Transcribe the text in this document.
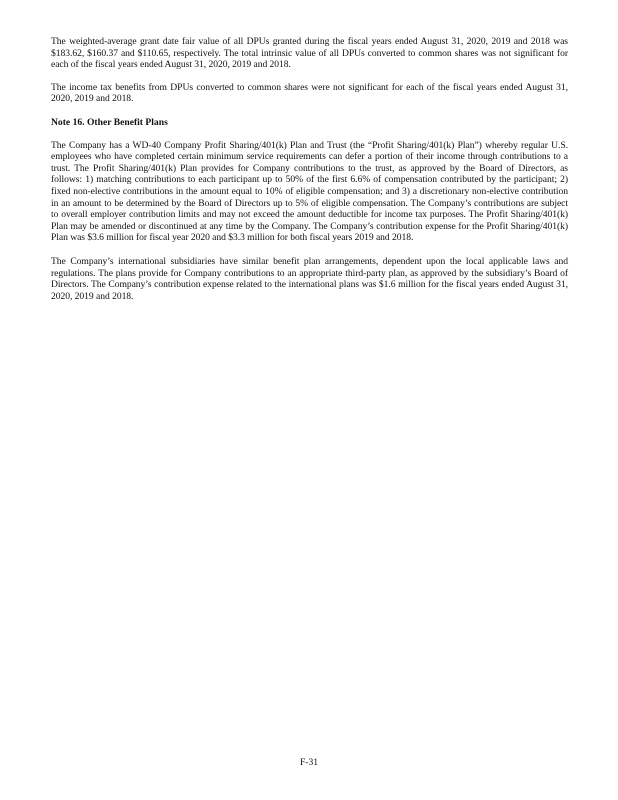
The weighted-average grant date fair value of all DPUs granted during the fiscal years ended August 31, 2020, 2019 and 2018 was $183.62, $160.37 and $110.65, respectively. The total intrinsic value of all DPUs converted to common shares was not significant for each of the fiscal years ended August 31, 2020, 2019 and 2018.

The income tax benefits from DPUs converted to common shares were not significant for each of the fiscal years ended August 31, 2020, 2019 and 2018.

Note 16. Other Benefit Plans

The Company has a WD-40 Company Profit Sharing/401(k) Plan and Trust (the “Profit Sharing/401(k) Plan”) whereby regular U.S. employees who have completed certain minimum service requirements can defer a portion of their income through contributions to a trust. The Profit Sharing/401(k) Plan provides for Company contributions to the trust, as approved by the Board of Directors, as follows: 1) matching contributions to each participant up to 50% of the first 6.6% of compensation contributed by the participant; 2) fixed non-elective contributions in the amount equal to 10% of eligible compensation; and 3) a discretionary non-elective contribution in an amount to be determined by the Board of Directors up to 5% of eligible compensation. The Company’s contributions are subject to overall employer contribution limits and may not exceed the amount deductible for income tax purposes. The Profit Sharing/401(k) Plan may be amended or discontinued at any time by the Company. The Company’s contribution expense for the Profit Sharing/401(k) Plan was $3.6 million for fiscal year 2020 and $3.3 million for both fiscal years 2019 and 2018.

The Company’s international subsidiaries have similar benefit plan arrangements, dependent upon the local applicable laws and regulations. The plans provide for Company contributions to an appropriate third-party plan, as approved by the subsidiary’s Board of Directors. The Company’s contribution expense related to the international plans was $1.6 million for the fiscal years ended August 31, 2020, 2019 and 2018.

F-31
